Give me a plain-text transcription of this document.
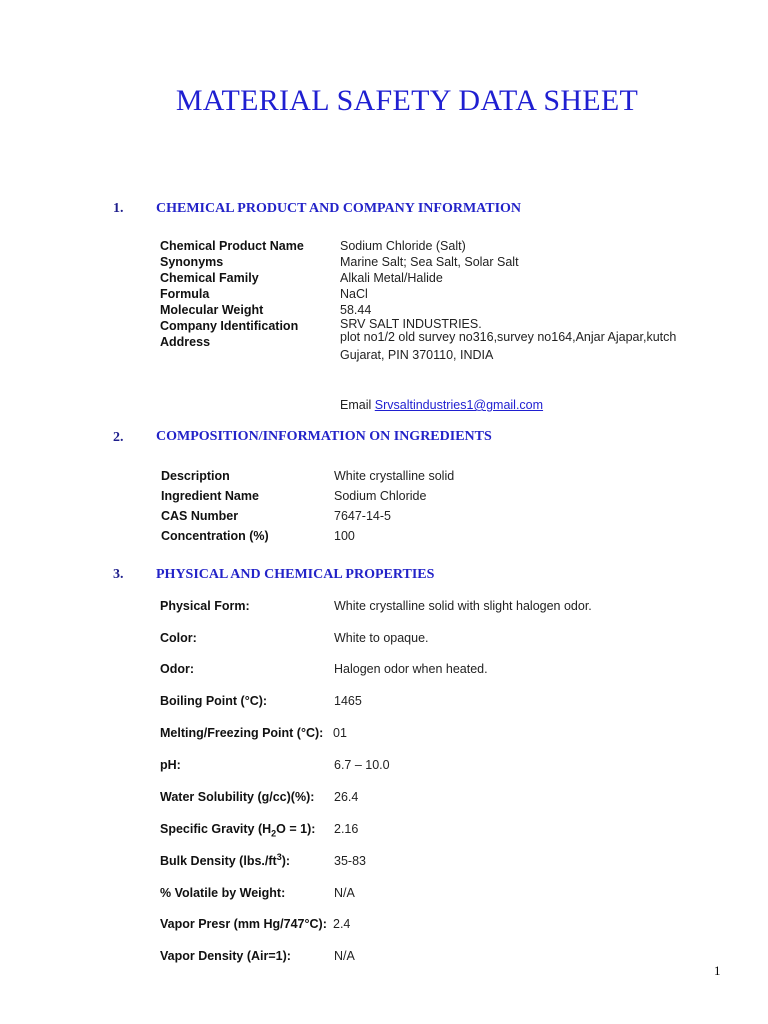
MATERIAL SAFETY DATA SHEET
1. CHEMICAL PRODUCT AND COMPANY INFORMATION
Chemical Product Name	Sodium Chloride (Salt)
Synonyms	Marine Salt; Sea Salt, Solar Salt
Chemical Family	Alkali Metal/Halide
Formula	NaCl
Molecular Weight	58.44
Company Identification	SRV SALT INDUSTRIES.
Address	plot no1/2 old survey no316,survey no164,Anjar Ajapar,kutch
Gujarat, PIN 370110, INDIA
Email Srvsaltindustries1@gmail.com
2. COMPOSITION/INFORMATION ON INGREDIENTS
Description	White crystalline solid
Ingredient Name	Sodium Chloride
CAS Number	7647-14-5
Concentration (%)	100
3. PHYSICAL AND CHEMICAL PROPERTIES
Physical Form:	White crystalline solid with slight halogen odor.
Color:	White to opaque.
Odor:	Halogen odor when heated.
Boiling Point (°C):	1465
Melting/Freezing Point (°C): 01
pH:	6.7 – 10.0
Water Solubility (g/cc)(%): 26.4
Specific Gravity $(H_2O = 1)$: 2.16
Bulk Density $(lbs./ft^3)$:	35-83
% Volatile by Weight:	N/A
Vapor Presr (mm Hg/747°C): 2.4
Vapor Density (Air=1):	N/A
1
